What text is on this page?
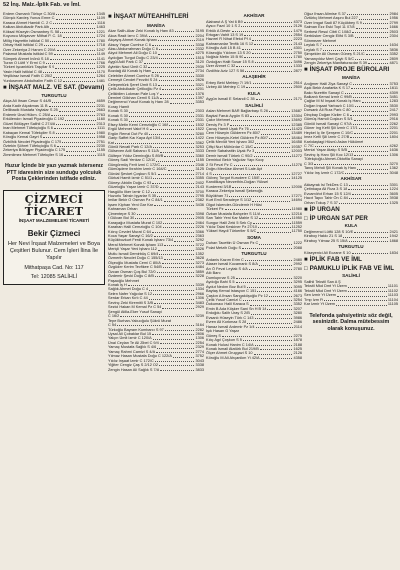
52 İnş. Malz.-İplik Fab. ve İml.
Erdem Osmanlı Türkçe C.30/A	1345
Gürışık Kardeş Yunus Emre C.	1109
Karaca Ahmet Hamidi C. 2 C	1116
Kalkan Abdulkadir Park Alb	1463
Köksal Hüseyin Osmanbey S. 58	1221
Koyuncu Müşavver Mithat P. C. 18	1724
Millig Hayrettin İstiklal C 50	1780
Orbay Halil İstiklal C 29	1718
Ozer Zekeriya 2 Hanım C 20/A	1247
Palamut Mustafa İstiklal C 59	1149
Sümpek Ahmet Inönü S 18	1141
Turan O Lütfi Y Ermi C 9	1766
Türkeri İşcanlıtürk Taşçilar S 9	1225
Yasin Halit İstiklal C 48	1170
Yeşilkiraz İsmail Fatih C 25/2	1264
Yurduseven Abdulhalim Fatih C 12	1481
■ İNŞAAT MALZ. VE SAT. (Devamı)
TURGUTLU
Akça Ali İhsan Cesur S 44/B	4659
Arda Kadir Atçakmas 11 B	2231
Dellibacik Mustafa Yaylalar S 25	2663
Erdemir Ünal Hükm. C 25/A	2763
Erkülendırı İsmail Piyadeoğlu C 192	1160
Güzel Bölüşyer Salihli C 274/A	2313
Inan Mehmet Tüfekçioğlu S 6	1111
Kabaçan Kemal Tüfekçiler S 8	1980
Köroğlu Kemal Gayrt S	1958
Özbilhik Necdet Piyadeoğlu C 175	2751
Öztekin Şöhret Tüfekçioğlu S 6	2230
Zekeriya Bölüşyer Piyadeoğlu C 175	1155
Zimmilmez Mehmet Tüfekçiler S 16	1115
Huzur İçinde bir yazı yazmak istersenız PTT idaresinin size sunduğu yolcuiuk Posta Çeklerinden istifade ediniz.
ÇİZMECİ TİCARET
İNŞAAT MALZEMELERİ TİCARETİ
Bekir Çizmeci
Her Nevi İnşaat Malzemeleri ve Boya Çeşitleri Bulunur. Cem İşleri İlina İle Yapılır
Mithatpaşa Cad. No: 117
Tel: 12085 SALİHLİ
■ İNŞAAT MÜTEAHHİTLERİ
MANİSA
Akar Salih-Akar Zeki Konak İş Hanı 83	3195
Akca Rasit İzmı C 39/A	2204
Akçayış Ahmet Konak İşhanı	2119
Aksoy Yaşar Cumhur C 6	3338
Aksu Abdurrahman Doğu C 6	2332
Akyol Mehmet Ali Doğu C 10	4275
Aydoğan Turgut Doğu C 23/4	1515
Aygül Adil Park C 37	3120
Aytekin Naci Ümit C 32	2939
Bozdağ Ali Konak İş Hanı	2734
Celebiler Ahmet Cumhur S 26	3330
Cemeyit Cevdet Fevzibi S 24	2826
Celepentürk Şeref Ümit S 13	3321
Çelik Abdulkadir Çelikoğlu Pz 4	4201
Çelikbilen Lokman Pale Loş Y	1376
Demirel Gökhan Cemil S 11/A	1397
Değirmenci Yusuf Konak İş Hanı 28	3353
Koray Hamit
Konak S 30	2303
Konak S 30	2331
Konak S 30	2331
Efsey Metin Kemi Cemzioğlu C 168	1532
Ergül Mehmet Vakıf H 6	1522
Ergün Remzi Dut Pz 40	3280
Garip Saffet Kaı Kaya Apt 13/4	1422
Kat	3362
Gönül Necati Park C 12/A	3253
Gülseven Adil Sabancı S 11/A	3333
Gültepe Yıldız Demiroğlu S 89/B	3360
Güneş Sadi Yenkar C 12/10	1155
Güngörmüş Ferit İzmi C 172/C	2346
Gümüşdere İbrahim İzmir C 164/C	3125
Gürdal Şevket Çoşkun S 5/1	2714
Gürkal Hamit İzmir C 51/1	3355
Güneyı Abidin Doğu C 93	2402
Güzeloğlu Yaşar İzmir C 37/D	2143
Hasgüllu İlker İzmir C 12	3700
Huzurlu Tahsin İşyarlar S 35	2795
İmilar Bekir O Osman Pz C 84/1	2382
İşsen Kiphan Yeni Gar Kar	3436
Kahraman Orhan
Çimentepe S 30	3398
İ Gülcan Bul 30	2905
Karayağız Mustafa Murat C 102	2464
Karahan Halil Cemzioğlu C 104	2226
Kılınç Cevdet Murat C 64	3366
Koca Yaşar Sanayi C 16/2	2363
Küçükbozkurt Ferdi Konak İşhanı 73/4	3292
Meral Mehmet Konak İşhanı 113	3722
Meriçli Yaşar Yeni İşhanı 112	3326
Mutlu İsmail Demirbüş C 69/4	1352
Özmerih Necdet Doğu C 155/13	3628
Ölçeoğlu Mustafa Cemi C 80/A	3273
Özgüder Kerim Tevfikee C 54/B	4484
Özcan Osman Çoş Bul 72/0	3859
Özdemir Şevki Doğu C 8/B	3228
Paşaoğlu Mehmet
Konak İş H	3339
Sağlık Ahmet Doğu C 4	1334
Selen Nafer Yağcılar S 12	2966
Serdar Erkan Kırlı C 44	1306
Sevinç Zeki Kiremitli S 3/B	3483
Sezici Hakan M Kemal Pz C 54	2929
Şengül Atilla-Eker Yusuf Sanayi
C 16/2	3239
Tepe Burhan-Yalıuoğulu Şükrü Murat
C 54	3164
Türkoğlu Bayram Kumbarcı S 97	2282
Uysal Ali Çobaklar Bul 15	2806
Yalçın Ümit İzmir C 120/A	1306
Ünal Ceylan Te Ali Zibel C 9/4	2254
Yamaç Mustafa Sağlık S 4/6	2329
Yamaç Rahmi Camizi S 4/A	2774
Yılmaz Hasan Mustafa Doğu C 122/A	3752
Yıldız İnşaat İzmir C 172/C	3043
Yiğiter Cengiz Çaş S 2/12 O2	3338
Zengin Hasan Ali Sağlık S 7/A	3833
AKHİSAR
Alabarut A Ş Yat 6 B9	4373
Aysoı Fazıl 10 1 S 2	2126
Erbük A Destır	1479
Ertugan Vahit 13 S 19	2554
Hazırel R Nihat Efekd Pf 4	2223
Kahramanlar Tevfik 16 S 12	2143
Köroğlu Adil 15 B 41	4301
Köseoğlu Yıldırım 13 S 20	2750
Noğisiz Metin 15 B 90	1780
Özdoğan Halit Susar 15 S 8	3496
Üzer Ahmet C 32	1333
Özdilhiz Aziz 127 S 56	2877
ALAŞEHİR
Erbey Betıl Mehtep 7/ 19/1	2514
Uzbey Ali Mehtep C 19	2500
KULA
Aygün İsmail E Selandi C 35	2171
SALİHLİ
Aslan Mehmet BAR Bağlarbaşı S 26	13687
Baykal Faruk Aygün S 83	13304
Çakır Mehmet	13692
Derviş Pz 3 P	12385
Çavuş Hamit Uşak Pz 76	11423
Cem Hüseyin Gülderen Pz 80/7	13489
Cem Hüseyin-Ketel Güldren Pz 80/7	18464
Çelik Mevlüt Yeni İşhanı 302	16458
Çiftçi Nuri Mühürdar C 15/C	19357
Demir Sabahattin Uşak Pz 3	12003
Demir İsmail Türkelı C 90/2	11272
Demirkol Bekir Yağcılar Yapı Koop
2 St Fevzi Pz C	11276
Doğru Mevlüse Ahmet S Lale Apt
4 S	12727
Gülveç Turgut Kurudere C 15/E	14125
Kandilkaya Nevzethin-Doğan Yüksel
Kurderesi 3/1B	12006
Karaca Zekeriya İsmail Şekeroğlu
Büyükhan 71	17271
Kurt Emil Seradeye S 1/12	14694
Olgut İskender-Gündemir H Hüsi
Türkeri Pz	11980
Özkan Mustafa Bahçeler S 11/A	12216
Sarı Tahir Yeni Kar Mahle S 12	11950
Sungur Halil Zeki 5 Sek Cy	11559
Yıldız Talat Keskiner Pz 27/10	11252
Yüksel Haydi Türkeriler S 5/C	11750
SOMA
Duhan Tacettin Ü Osman Pz C	1222
Polat Metzih Doğu S	2088
TURGUTLU
Ardanis Kazım Erim C	2480
Ataser İsmail Kocamanlı S 8/A	2992
Arı Ö Fevzi Leylak S 4/A	2780
Atlı Banı
Dumlupınar S 25	3220
Aydoğu Bahi S 5	3295
Aydut Nedım Boz Bul 5	3095
Baytaş Kemal İstasyon C 151	4166
Çaşkın A İhsan Sangaköşoğlu Pz 12	2673
Çelik Yusuf Camizi C	3254
Dokumacı Halil Karaca S	3352
Emin B Ada Köşker Sani Sn H B 14	3207
Erdoğdu Salih Uray S 2/B	3280
Evsanlı Hüseyin Türk C 143	3986
Evren Ali Korkmaz S 28	2486
Hanaz İsmail Ardemir Pz 1/4	2114
Işık Hasan G Yaşar
Güneş S	2275
Kılıç Agıl Çoşkun S 5	1878
Konak Hulusi Hanim C 14/A	2188
Konak İsmail Atatürk Bul 219/B	1625
Ölçer Ahmet Oruçgazi S 10	2126
Köroğlu M Ali Ahçanikm Yi 42/A	4358
Oğuz İhsan Alimise S 37	2984
Öztürkç Mehmet Asşını Bul 227	1956
Ozer İmgat Sadi 87 Küçükbey S 9	2799
Salman Ezz Eski Topl 11 07/8	1666
Serbest Resul Cibti C 108/2	2503
Serbüsker Cengiz Elifd S 3/B	2304
Sönmezer Mehmet
Leylak S 7	1634
Leylak S 7	3836
Şimşekler Ali Osman Güneş S 21/C	3352
Yamanyıldız Mert Çaylı S 5/C	2809
Zengin Zekeriya Manifaturacılar S 39	4871
■ İNŞAAT PROJE BÜROLARI
MANİSA
Anığmer Halil Ziya Sanayi C	3753
Aşık Bekir Anafartla K S 17	1611
Balcı Nurettin Sanayi C	4309
Balkanlı Kemal İzmir C 99/B	3451
Çağlar M M İnşaat Konak İş Hanı	1283
Doğan İnşaat Yarbazlı C 10/1	3530
Dursanlı Ali Rıza Park C 80	2417
Dinçbay Doğan Kiziler C 6	2993
Gümüş Hamdi Coşkun S 5/1	2916
Göniöl İsmail Sanayi C 97/A	2262
Güner Ing Kefil Şili İzmir C 17/1	2201
Heykel İç İle Şenşem C 10/C	2201
İmez Kefil Şili İzmir C 27/B	1804
Karlıdaştagi Hüsnü Aslan Hükümet
C 7/C	4262
Menizi Yaşar Atatçı S 5/B	1636
Sevinç İş Hanı Şili Koc 12/13	1306
Tüfekçioğlu Ahmet-Oktofila Sanayi
C 3/3	3270
Tanış Mehdi Şili Konak İş Hanı	1362
Yıldız İnş İzmir C 172/C	3048
AKHİSAR
Akkayrak İsi TekDes C 13	3301
Çetinkaya Ali Rıza 3 S 18	1224
Evcamlıhıt Erhan 15 S 12/4	3605
Hacıt Tapcı Tahir Ön C 84	3938
Orhan Tokuş 7 S 37	1325
■ İP URGAN
□ İP URGAN SAT PER
KULA
Değirmenci Lütfü 128 S 10/E	2421
Kiraboy Hakkı 21 S 18	1942
Kiraboy Yılmaz 25 S 15/A	1868
TURGUTLU
Köseyenici Ali Eczane S 10	1834
■ İPLİK FAB VE İML
□ PAMUKLU İPLİK FAB VE İML
SALİHLİ
Salihli Tekstil San A Ş
Tekstil Mkd Dmt Yt Üzem	11101
Tekstil Mkd Dmt Yt Üzem	11102
Sen İzmir Yt Üzem	11103
Tmp İzm Ff	11104
Kar İzmir Yt Üzem	11105
Telefonda şahsiyetiniz söz değil, sesinizdir. Dalma mütebessim olarak konuşunuz.
